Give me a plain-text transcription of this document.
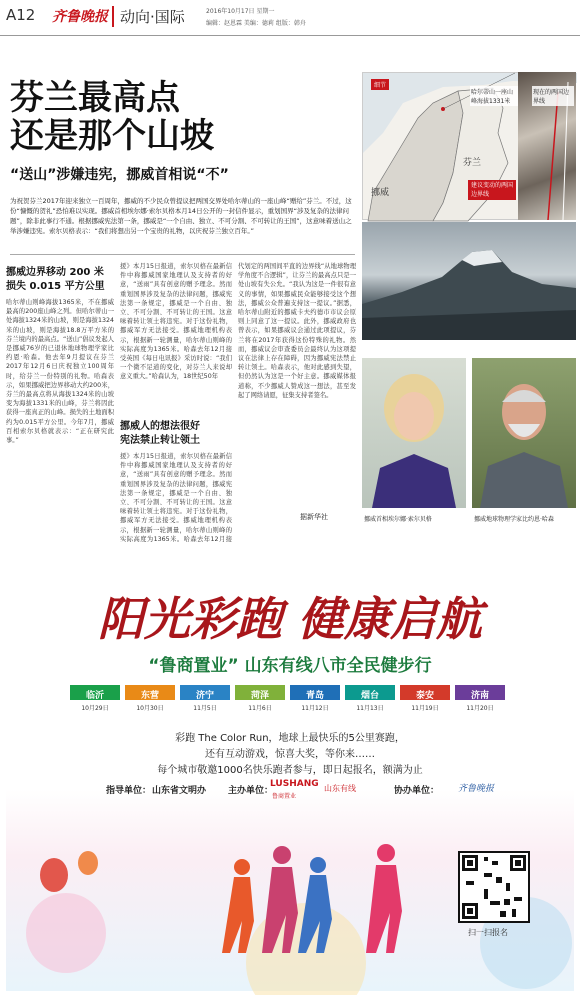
A12 齐鲁晚报 动向·国际	2016年10月17日 星期一
编辑：赵恩霖 美编：德莉 组版：韩舟
芬兰最高点
还是那个山坡
“送山”涉嫌违宪，挪威首相说“不”
为祝贺芬兰2017年迎来独立一百周年，挪威的不少民众曾提议把两国交界处哈尔蒂山的一座山峰“赠给”芬兰。不过，这份“慷慨的贺礼”恐怕难以实现。挪威首相埃尔娜·索尔贝格本月14日公开的一封信件显示，重划国界“涉及复杂的法律问题”，除非此事行不通。根据挪威宪法第一条，挪威是“一个自由、独立、不可分割、不可转让的王国”，这意味着送山之举涉嫌违宪。索尔贝格表示：“我们将想出另一个宝贵的礼物，以庆祝芬兰独立百年。”
挪威边界移动 200 米
损失 0.015 平方公里
哈尔蒂山则峰海拔1365米，不在挪威最高的200座山峰之列。但哈尔蒂山一处海拔1324米的山坡，则是海拔1324米的山坡，则是海拔18.8万平方米的芬兰境内的最高点。“送山”倡议发起人是挪威76岁的已退休地球物理学家比约恩·哈森。他去年9月提议在芬兰2017年12月6日庆祝独立100周年时，给芬兰一份特别的礼物。哈森表示，如果挪威把边界移动大约200米，芬兰的最高点将从海拔1324米的山坡变为海拔1331米的山峰，芬兰将因此获得一座真正的山峰。损失的土地面积约为0.015平方公里。今年7月，挪威百相索尔贝格就表示：“正在研究此事。”
援》本月15日报道，索尔贝格在最新信件中称挪威国家地理认及支持者的好意，“送雨”具有创意的赠予理念。然而重划国界涉及复杂的法律问题，挪威宪法第一条规定，挪威是一个自由、独立、不可分割、不可转让的王国。这意味着转让领土将违宪。对于这份礼物，挪威军方无法接受。挪威地理机构表示，根据新一轮测量，哈尔蒂山则峰的实际高度为1365米。哈森去年12月接受英国《每日电讯报》采访时说：“我们一个微不足道的变化，对芬兰人来说却意义重大。”哈森认为，18世纪50年
挪威人的想法很好
宪法禁止转让领土
援》本月15日报道，索尔贝格在最新信件中称挪威国家地理认及支持者的好意，“送雨”具有创意的赠予理念。然而重划国界涉及复杂的法律问题，挪威宪法第一条规定，挪威是一个自由、独立、不可分割、不可转让的王国。这意味着转让领土将违宪。对于这份礼物，挪威军方无法接受。挪威地理机构表示，根据新一轮测量，哈尔蒂山则峰的实际高度为1365米。哈森去年12月接
代划定的两国间平直的边界线“从地球物理学角度不合逻辑”，让芬兰的最高点只是一处山坡有失公允。“我认为这是一件很有意义的事情，如果挪威民众能够接受这个想法，挪威公众普遍支持这一提议。”据悉，哈尔蒂山附近的挪威卡夫约德市市议会原则上同意了这一提议。此外，挪威政府也曾表示，如果挪威议会通过此项提议，芬兰将在2017年获得这份特殊的礼物。然而，挪威议会审查委员会最终认为这项提议在法律上存在障碍，因为挪威宪法禁止转让领土。哈森表示，他对此感到失望，但仍然认为这是一个好主意。挪威媒体报道称，不少挪威人赞成这一想法，甚至发起了网络请愿，征集支持者签名。
据新华社
细节
挪威
芬兰
哈尔蒂山一座山峰海拔1331米
现在的两国边界线
建议变动的两国边界线
挪威首相埃尔娜·索尔贝格	挪威地球物理学家比约恩·哈森
阳光彩跑 健康启航
“鲁商置业” 山东有线八市全民健步行
临沂
10月29日
东营
10月30日
济宁
11月5日
菏泽
11月6日
青岛
11月12日
烟台
11月13日
泰安
11月19日
济南
11月20日
彩跑 The Color Run，地球上最快乐的5公里赛跑，
还有互动游戏，惊喜大奖，等你来……
每个城市敬邀1000名快乐跑者参与，即日起报名，额满为止
指导单位： 山东省文明办 主办单位：
LUSHANG
鲁商置业
山东有线	协办单位： 齐鲁晚报
扫一扫报名
